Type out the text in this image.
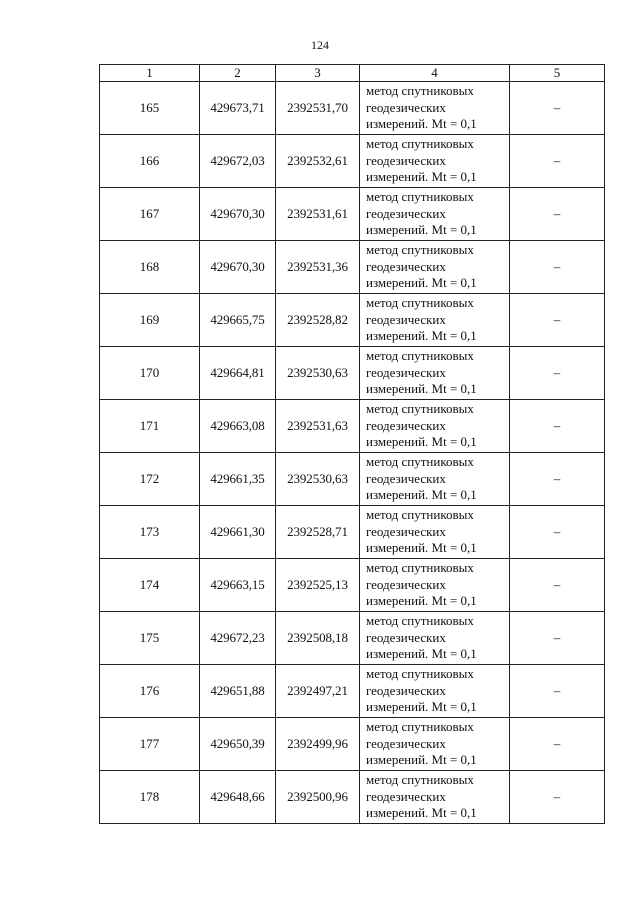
124
1	2	3	4	5
165	429673,71	2392531,70	метод спутниковых
геодезических
измерений. Mt = 0,1	–
166	429672,03	2392532,61	метод спутниковых
геодезических
измерений. Mt = 0,1	–
167	429670,30	2392531,61	метод спутниковых
геодезических
измерений. Mt = 0,1	–
168	429670,30	2392531,36	метод спутниковых
геодезических
измерений. Mt = 0,1	–
169	429665,75	2392528,82	метод спутниковых
геодезических
измерений. Mt = 0,1	–
170	429664,81	2392530,63	метод спутниковых
геодезических
измерений. Mt = 0,1	–
171	429663,08	2392531,63	метод спутниковых
геодезических
измерений. Mt = 0,1	–
172	429661,35	2392530,63	метод спутниковых
геодезических
измерений. Mt = 0,1	–
173	429661,30	2392528,71	метод спутниковых
геодезических
измерений. Mt = 0,1	–
174	429663,15	2392525,13	метод спутниковых
геодезических
измерений. Mt = 0,1	–
175	429672,23	2392508,18	метод спутниковых
геодезических
измерений. Mt = 0,1	–
176	429651,88	2392497,21	метод спутниковых
геодезических
измерений. Mt = 0,1	–
177	429650,39	2392499,96	метод спутниковых
геодезических
измерений. Mt = 0,1	–
178	429648,66	2392500,96	метод спутниковых
геодезических
измерений. Mt = 0,1	–
